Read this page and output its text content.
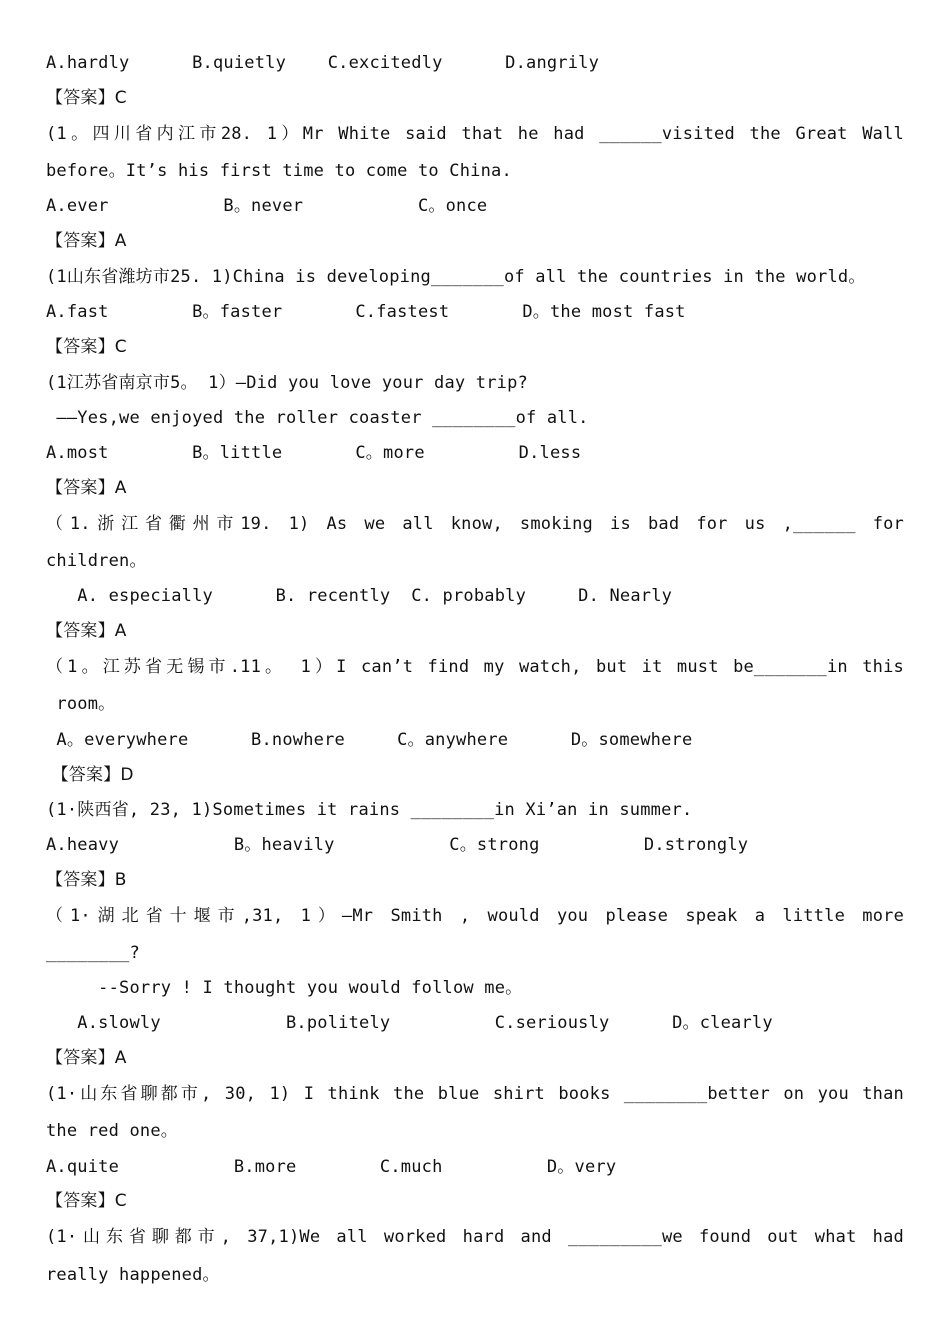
A.hardly      B.quietly    C.excitedly      D.angrily
【答案】C
(1。四川省内江市28. 1）Mr White said that he had ______visited the Great Wall
before。It’s his first time to come to China.
A.ever           B。never           C。once
【答案】A
(1山东省潍坊市25. 1)China is developing_______of all the countries in the world。
A.fast        B。faster       C.fastest       D。the most fast
【答案】C
(1江苏省南京市5。 1）—Did you love your day trip?
——Yes,we enjoyed the roller coaster ________of all.
A.most        B。little       C。more         D.less
【答案】A
（1.浙江省衢州市19. 1) As we all know, smoking is bad for us ,______ for
children。
A. especially      B. recently  C. probably     D. Nearly
【答案】A
（1。江苏省无锡市.11。 1）I can’t find my watch, but it must be_______in this
room。
A。everywhere      B.nowhere     C。anywhere      D。somewhere
【答案】D
(1·陕西省, 23, 1)Sometimes it rains ________in Xi’an in summer.
A.heavy           B。heavily           C。strong          D.strongly
【答案】B
（1·湖北省十堰市,31, 1）—Mr Smith , would you please speak a little more
________?
--Sorry ! I thought you would follow me。
A.slowly            B.politely          C.seriously      D。clearly
【答案】A
(1·山东省聊都市, 30, 1) I think the blue shirt books ________better on you than
the red one。
A.quite           B.more        C.much          D。very
【答案】C
(1·山东省聊都市, 37,1)We all worked hard and _________we found out what had
really happened。
